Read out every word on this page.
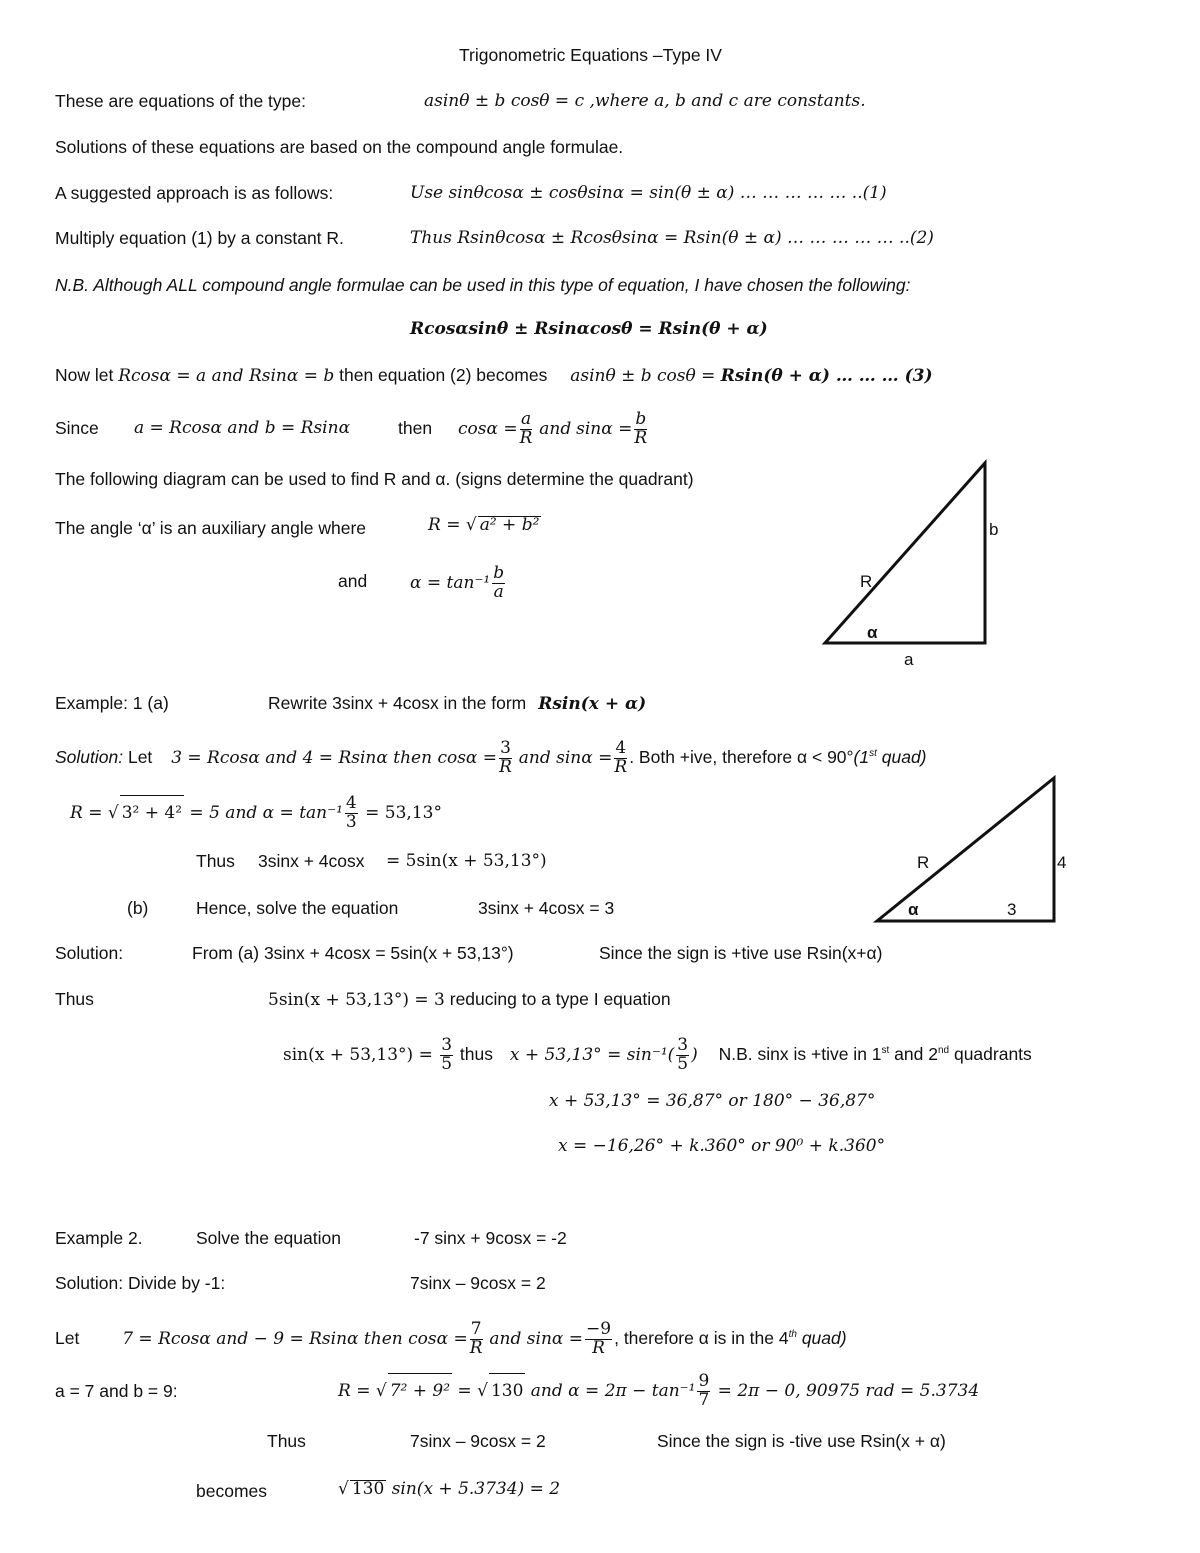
Trigonometric Equations –Type IV
These are equations of the type:	asinθ ± b cosθ = c ,where a, b and c are constants.
Solutions of these equations are based on the compound angle formulae.
A suggested approach is as follows:	Use sinθcosα ± cosθsinα = sin(θ ± α) … … … … … ..(1)
Multiply equation (1) by a constant R.	Thus Rsinθcosα ± Rcosθsinα = Rsin(θ ± α) … … … … … ..(2)
N.B. Although ALL compound angle formulae can be used in this type of equation, I have chosen the following:
Rcosαsinθ ± Rsinαcosθ = Rsin(θ + α)
Now let Rcosα = a and Rsinα = b then equation (2) becomes asinθ ± b cosθ = Rsin(θ + α) … … … (3)
Since a = Rcosα and b = Rsinα	then $\cos\alpha = \frac{a}{R}$ and $\sin\alpha = \frac{b}{R}$
The following diagram can be used to find R and α. (signs determine the quadrant)
The angle ‘α’ is an auxiliary angle where	R = √ a² + b²
and	$\alpha = \tan^{-1} \frac{b}{a}$
b
R
α
a
Example: 1 (a)	Rewrite 3sinx + 4cosx in the form Rsin(x + α)
Solution: Let 3 = Rcosα and 4 = Rsinα then $\cos\alpha = \frac{3}{R}$ and $\sin\alpha = \frac{4}{R}$ . Both +ive, therefore α < 90°(1st quad)
R = √ 3² + 4² = 5 and $\alpha = \tan^{-1} \frac{4}{3} = 53,13^\circ$
Thus 3sinx + 4cosx = 5sin(x + 53,13°)
(b)	Hence, solve the equation	3sinx + 4cosx = 3
Solution:	From (a) 3sinx + 4cosx = 5sin(x + 53,13°)	Since the sign is +tive use Rsin(x+α)
Thus	5sin(x + 53,13°) = 3 reducing to a type I equation
$\sin(x + 53,13^\circ) = \frac{3}{5}$ thus $x + 53,13^\circ = \sin^{-1}( \frac{3}{5}$ ) N.B. sinx is +tive in 1st and 2nd quadrants
x + 53,13° = 36,87° or 180° − 36,87°
x = −16,26° + k.360° or 90⁰ + k.360°
4
R
α	3
Example 2.	Solve the equation	-7 sinx + 9cosx = -2
Solution: Divide by -1:	7sinx – 9cosx = 2
Let	7 = Rcosα and − 9 = Rsinα then $\cos\alpha = \frac{7}{R}$ and $\sin\alpha = \frac{-9}{R}$ , therefore α is in the 4th quad)
a = 7 and b = 9:	R = √ 7² + 9² = √ 130 and $\alpha = 2\pi - \tan^{-1} \frac{9}{7} = 2\pi - 0$, 90975 rad = 5.3734
Thus	7sinx – 9cosx = 2	Since the sign is -tive use Rsin(x + α)
becomes	√ 130 sin(x + 5.3734) = 2
